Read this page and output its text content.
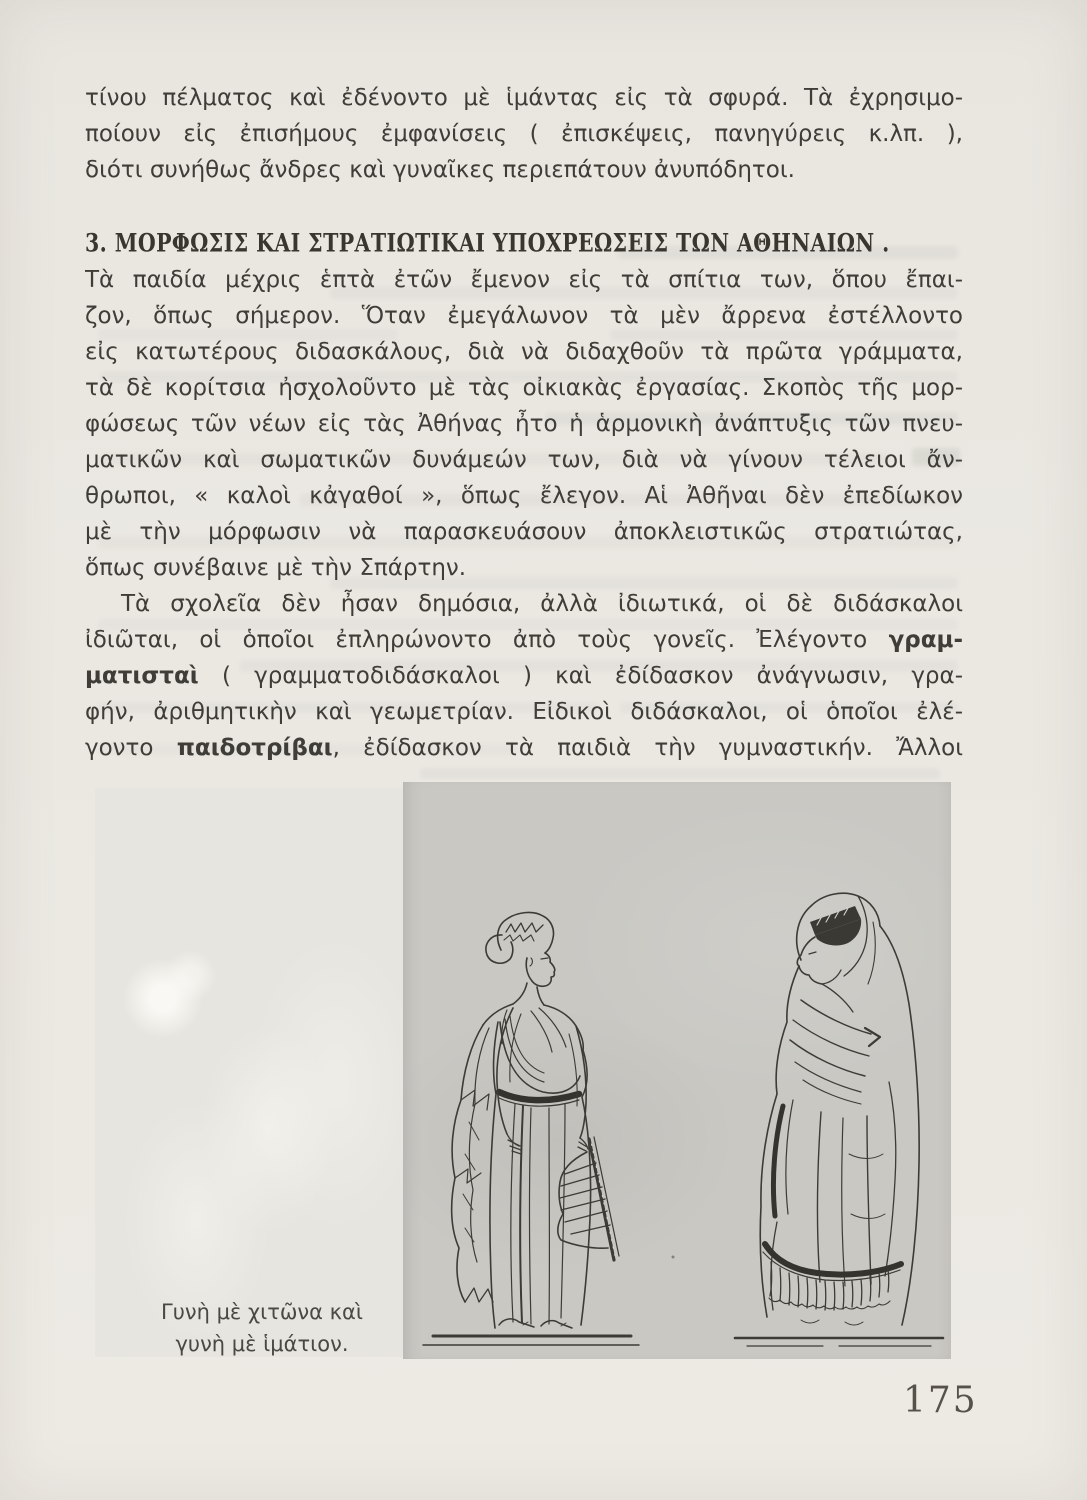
τίνου πέλματος καὶ ἐδένοντο μὲ ἱμάντας εἰς τὰ σφυρά. Τὰ ἐχρησιμο-
ποίουν εἰς ἐπισήμους ἐμφανίσεις ( ἐπισκέψεις, πανηγύρεις κ.λπ. ),
διότι συνήθως ἄνδρες καὶ γυναῖκες περιεπάτουν ἀνυπόδητοι.
3. ΜΟΡΦΩΣΙΣ ΚΑΙ ΣΤΡΑΤΙΩΤΙΚΑΙ ΥΠΟΧΡΕΩΣΕΙΣ ΤΩΝ ΑΘΗΝΑΙΩΝ .
Τὰ παιδία μέχρις ἑπτὰ ἐτῶν ἔμενον εἰς τὰ σπίτια των, ὅπου ἔπαι-
ζον, ὅπως σήμερον. Ὅταν ἐμεγάλωνον τὰ μὲν ἄρρενα ἐστέλλοντο
εἰς κατωτέρους διδασκάλους, διὰ νὰ διδαχθοῦν τὰ πρῶτα γράμματα,
τὰ δὲ κορίτσια ἠσχολοῦντο μὲ τὰς οἰκιακὰς ἐργασίας. Σκοπὸς τῆς μορ-
φώσεως τῶν νέων εἰς τὰς Ἀθήνας ἦτο ἡ ἁρμονικὴ ἀνάπτυξις τῶν πνευ-
ματικῶν καὶ σωματικῶν δυνάμεών των, διὰ νὰ γίνουν τέλειοι ἄν-
θρωποι, « καλοὶ κἀγαθοί », ὅπως ἔλεγον. Αἱ Ἀθῆναι δὲν ἐπεδίωκον
μὲ τὴν μόρφωσιν νὰ παρασκευάσουν ἀποκλειστικῶς στρατιώτας,
ὅπως συνέβαινε μὲ τὴν Σπάρτην.
Τὰ σχολεῖα δὲν ἦσαν δημόσια, ἀλλὰ ἰδιωτικά, οἱ δὲ διδάσκαλοι
ἰδιῶται, οἱ ὁποῖοι ἐπληρώνοντο ἀπὸ τοὺς γονεῖς. Ἐλέγοντο γραμ-
ματισταὶ ( γραμματοδιδάσκαλοι ) καὶ ἐδίδασκον ἀνάγνωσιν, γρα-
φήν, ἀριθμητικὴν καὶ γεωμετρίαν. Εἰδικοὶ διδάσκαλοι, οἱ ὁποῖοι ἐλέ-
γοντο παιδοτρίβαι, ἐδίδασκον τὰ παιδιὰ τὴν γυμναστικήν. Ἄλλοι
Γυνὴ μὲ χιτῶνα καὶ
γυνὴ μὲ ἱμάτιον.
175
